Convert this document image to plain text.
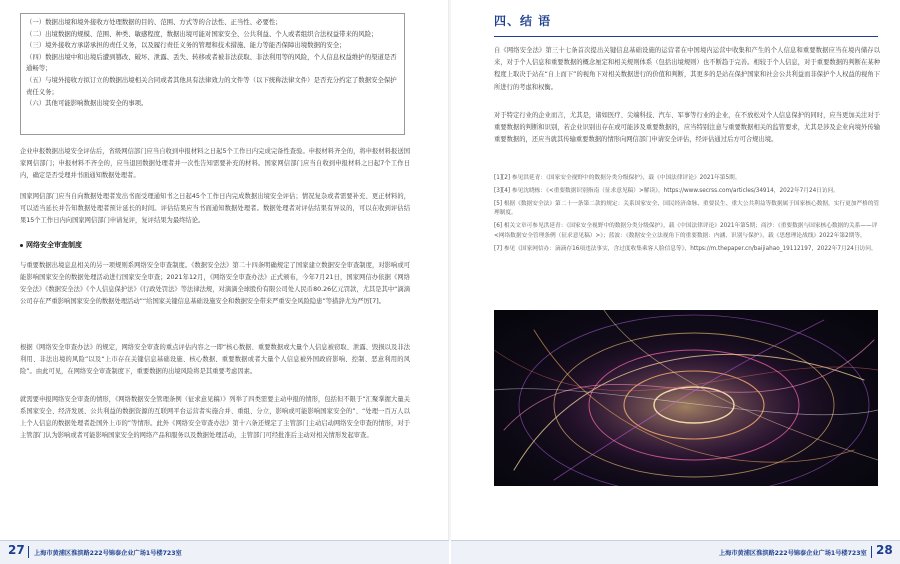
（一）数据出境和境外接收方处理数据的目的、范围、方式等的合法性、正当性、必要性；

（二）出境数据的规模、范围、种类、敏感程度，数据出境可能对国家安全、公共利益、个人或者组织合法权益带来的风险；

（三）境外接收方承诺承担的责任义务，以及履行责任义务的管理和技术措施、能力等能否保障出境数据的安全；

（四）数据出境中和出境后遭到篡改、破坏、泄露、丢失、转移或者被非法获取、非法利用等的风险，个人信息权益维护的渠道是否通畅等；

（五）与境外接收方拟订立的数据出境相关合同或者其他具有法律效力的文件等（以下统称法律文件）是否充分约定了数据安全保护责任义务；

（六）其他可能影响数据出境安全的事项。

企业申报数据出境安全评估后，省级网信部门应当自收到申报材料之日起5个工作日内完成完备性查验。申报材料齐全的，将申报材料报送国家网信部门；申报材料不齐全的，应当退回数据处理者并一次性告知需要补充的材料。国家网信部门应当自收到申报材料之日起7个工作日内，确定是否受理并书面通知数据处理者。

国家网信部门应当自向数据处理者发出书面受理通知书之日起45个工作日内完成数据出境安全评估；情况复杂或者需要补充、更正材料的，可以适当延长并告知数据处理者预计延长的时间。评估结果应当书面通知数据处理者。数据处理者对评估结果有异议的，可以在收到评估结果15个工作日内向国家网信部门申请复评，复评结果为最终结论。

网络安全审查制度

与重要数据出境息息相关的另一项规则系网络安全审查制度。《数据安全法》第二十四条明确规定了国家建立数据安全审查制度，对影响或可能影响国家安全的数据处理活动进行国家安全审查；2021年12月，《网络安全审查办法》正式颁布，今年7月21日，国家网信办依据《网络安全法》《数据安全法》《个人信息保护法》《行政处罚法》等法律法规，对滴滴全球股份有限公司处人民币80.26亿元罚款，尤其是其中“滴滴公司存在严重影响国家安全的数据处理活动”“给国家关键信息基础设施安全和数据安全带来严重安全风险隐患”等措辞尤为严厉[7]。

根据《网络安全审查办法》的规定，网络安全审查的重点评估内容之一即“核心数据、重要数据或大量个人信息被窃取、泄露、毁损以及非法利用、非法出境的风险”以及“上市存在关键信息基础设施、核心数据、重要数据或者大量个人信息被外国政府影响、控制、恶意利用的风险”。由此可见，在网络安全审查制度下，重要数据的出境风险将是其重要考虑因素。

就需要申报网络安全审查的情形，《网络数据安全管理条例（征求意见稿）》列举了四类需要主动申报的情形，包括但不限于“汇聚掌握大量关系国家安全、经济发展、公共利益的数据资源的互联网平台运营者实施合并、重组、分立，影响或可能影响国家安全的”、“处理一百万人以上个人信息的数据处理者赴国外上市的”等情形。此外《网络安全审查办法》第十六条还规定了主管部门主动启动网络安全审查的情形，对于主管部门认为影响或者可能影响国家安全的网络产品和服务以及数据处理活动，主管部门可经批准后主动对相关情形发起审查。

四、结 语

自《网络安全法》第三十七条首次提出关键信息基础设施的运营者在中国境内运营中收集和产生的个人信息和重要数据应当在境内储存以来，对于个人信息和重要数据的概念厘定和相关规则体系（包括出境规则）也不断趋于完善。相较于个人信息，对于重要数据的判断在某种程度上取决于站在“自上而下”的视角下对相关数据进行的价值和判断，其更多的是站在保护国家和社会公共利益而非保护个人权益的视角下所进行的考虑和权衡。

对于特定行业的企业而言，尤其是，诸如医疗、尖端科技、汽车、军事等行业的企业，在不放松对个人信息保护的同时，应当更加关注对于重要数据的判断和识别，若企业识别出存在或可能涉及重要数据的，应当特别注意与重要数据相关的监管要求，尤其是涉及企业向境外传输重要数据的，还应当就其传输重要数据的情形向网信部门申请安全评估，经评估通过后方可合规出境。

[1][2] 参见洪延青：《国家安全视野中的数据分类分级保护》，载《中国法律评论》2021年第5期。
[3][4] 参见沈晓栋：《<重要数据识别指南（征求意见稿）>解读》，https://www.secrss.com/articles/34914，2022年7月24日访问。
[5] 根据《数据安全法》第二十一条第二款的规定：关系国家安全、国民经济命脉、重要民生、重大公共利益等数据属于国家核心数据，实行更加严格的管理制度。
[6] 相关文章可参见洪延青：《国家安全视野中的数据分类分级保护》，载《中国法律评论》2021年第5期；商沙：《重要数据与国家核心数据的关系——评<网络数据安全管理条例（征求意见稿）>》；蓝波：《数据安全立法视角下的重要数据：内涵、识别与保护》，载《思想理论战线》2022年第2期等。
[7] 参见《国家网信办：滴滴存16项违法事实，含过度收集乘客人脸信息等》，https://m.thepaper.cn/baijiahao_19112197，2022年7月24日访问。
27 上海市黄浦区淮滨路222号锦泰企业广场1号楼723室	上海市黄浦区淮滨路222号锦泰企业广场1号楼723室 28
